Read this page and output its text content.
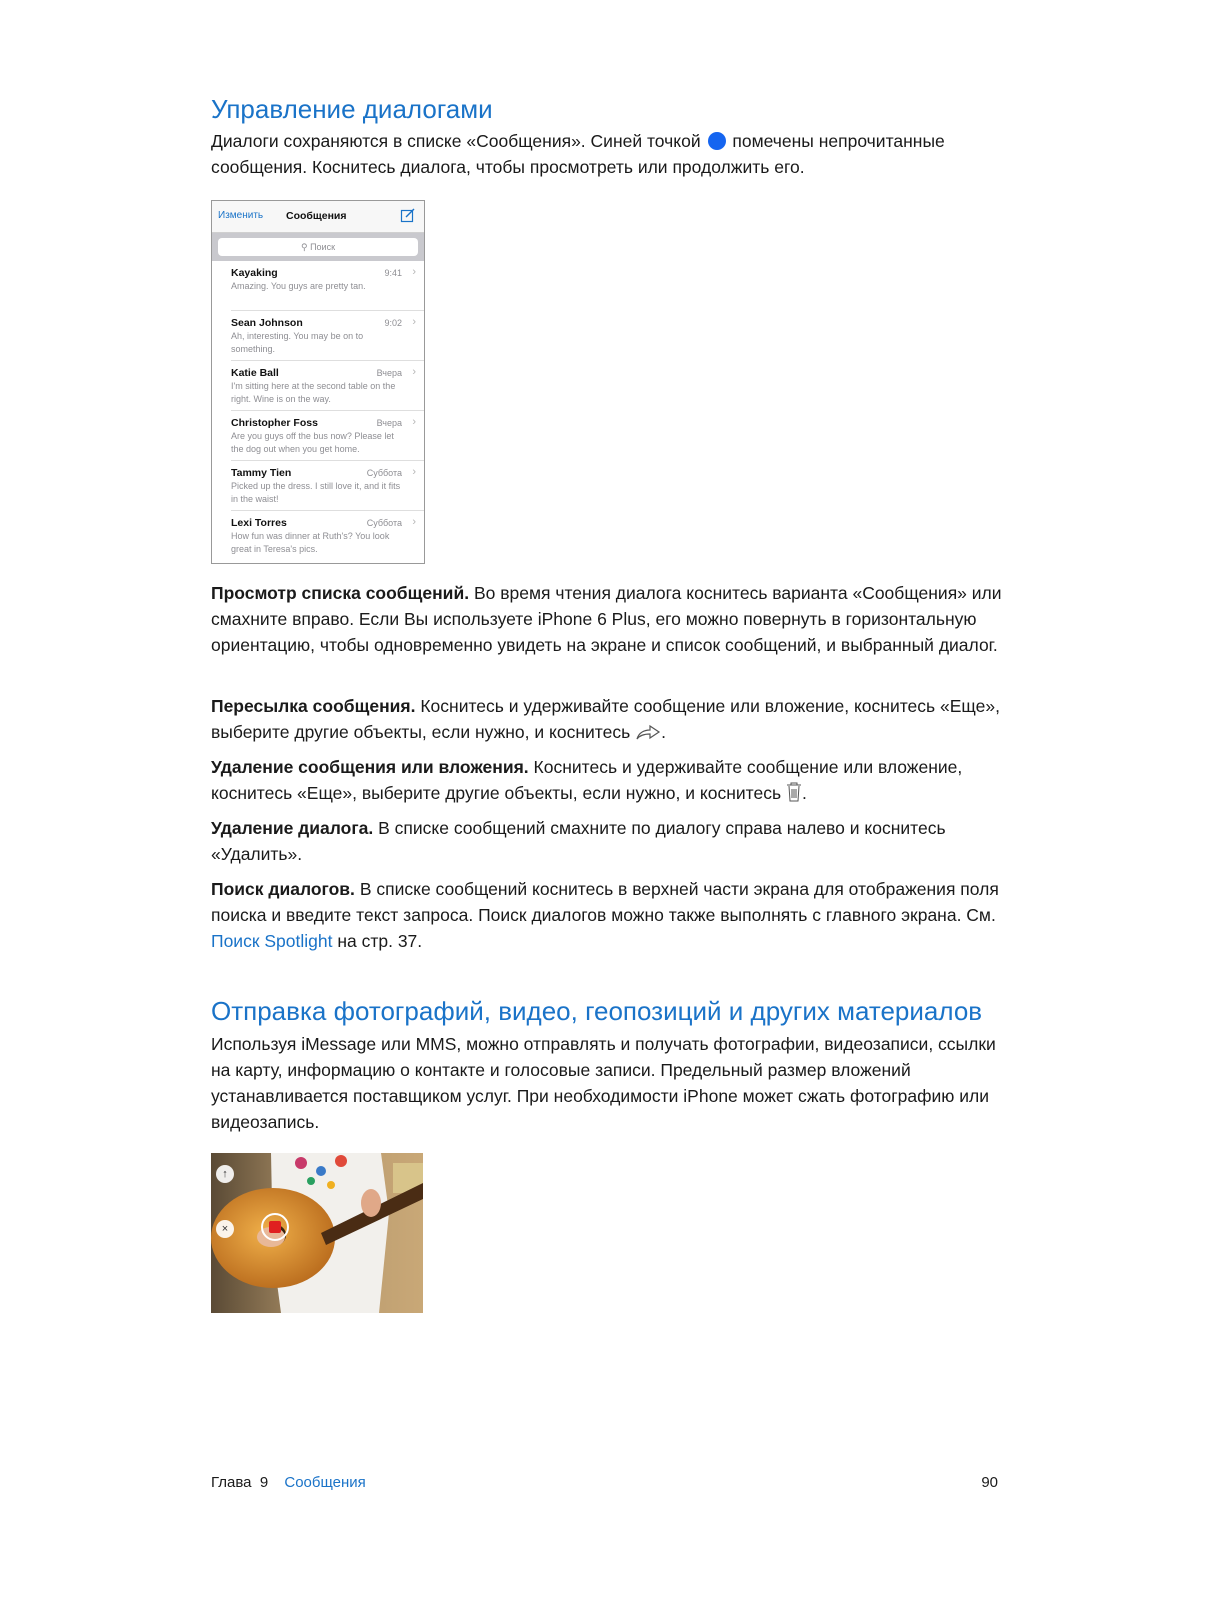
Управление диалогами

Диалоги сохраняются в списке «Сообщения». Синей точкой помечены непрочитанные сообщения. Коснитесь диалога, чтобы просмотреть или продолжить его.

Изменить Сообщения
⚲ Поиск
Kayaking	9:41 ›
Amazing. You guys are pretty tan.
Sean Johnson	9:02 ›
Ah, interesting. You may be on to something.
Katie Ball	Вчера ›
I'm sitting here at the second table on the right. Wine is on the way.
Christopher Foss	Вчера ›
Are you guys off the bus now? Please let the dog out when you get home.
Tammy Tien	Суббота ›
Picked up the dress. I still love it, and it fits in the waist!
Lexi Torres	Суббота ›
How fun was dinner at Ruth's? You look great in Teresa's pics.

Просмотр списка сообщений. Во время чтения диалога коснитесь варианта «Сообщения» или смахните вправо. Если Вы используете iPhone 6 Plus, его можно повернуть в горизонтальную ориентацию, чтобы одновременно увидеть на экране и список сообщений, и выбранный диалог.

Пересылка сообщения. Коснитесь и удерживайте сообщение или вложение, коснитесь «Еще», выберите другие объекты, если нужно, и коснитесь .

Удаление сообщения или вложения. Коснитесь и удерживайте сообщение или вложение, коснитесь «Еще», выберите другие объекты, если нужно, и коснитесь .

Удаление диалога. В списке сообщений смахните по диалогу справа налево и коснитесь «Удалить».

Поиск диалогов. В списке сообщений коснитесь в верхней части экрана для отображения поля поиска и введите текст запроса. Поиск диалогов можно также выполнять с главного экрана. См. Поиск Spotlight на стр. 37.

Отправка фотографий, видео, геопозиций и других материалов

Используя iMessage или MMS, можно отправлять и получать фотографии, видеозаписи, ссылки на карту, информацию о контакте и голосовые записи. Предельный размер вложений устанавливается поставщиком услуг. При необходимости iPhone может сжать фотографию или видеозапись.

↑
×
Глава  9 Сообщения	90
